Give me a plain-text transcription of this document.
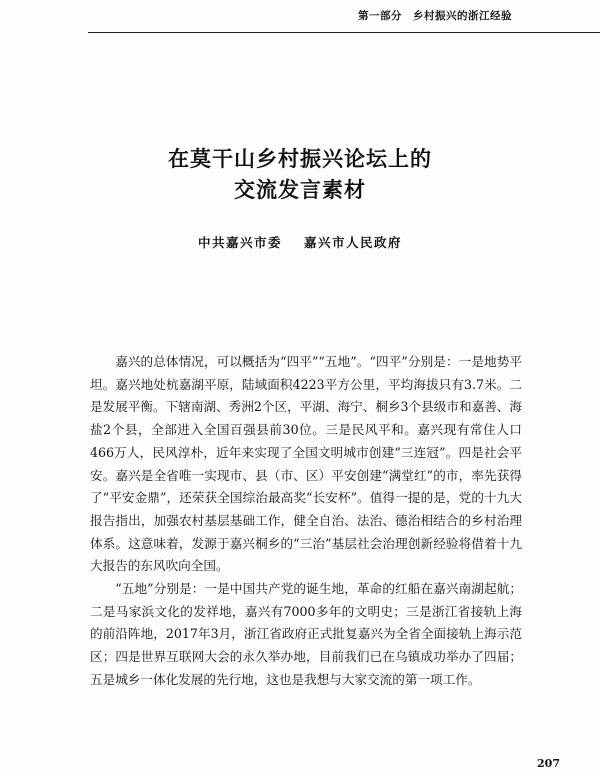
第一部分　乡村振兴的浙江经验
在莫干山乡村振兴论坛上的
交流发言素材
中共嘉兴市委 嘉兴市人民政府

嘉兴的总体情况，可以概括为“四平”“五地”。“四平”分别是：一是地势平坦。嘉兴地处杭嘉湖平原，陆域面积4223平方公里，平均海拔只有3.7米。二是发展平衡。下辖南湖、秀洲2个区，平湖、海宁、桐乡3个县级市和嘉善、海盐2个县，全部进入全国百强县前30位。三是民风平和。嘉兴现有常住人口466万人，民风淳朴，近年来实现了全国文明城市创建“三连冠”。四是社会平安。嘉兴是全省唯一实现市、县（市、区）平安创建“满堂红”的市，率先获得了“平安金鼎”，还荣获全国综治最高奖“长安杯”。值得一提的是，党的十九大报告指出，加强农村基层基础工作，健全自治、法治、德治相结合的乡村治理体系。这意味着，发源于嘉兴桐乡的“三治”基层社会治理创新经验将借着十九大报告的东风吹向全国。

“五地”分别是：一是中国共产党的诞生地，革命的红船在嘉兴南湖起航；二是马家浜文化的发祥地，嘉兴有7000多年的文明史；三是浙江省接轨上海的前沿阵地，2017年3月，浙江省政府正式批复嘉兴为全省全面接轨上海示范区；四是世界互联网大会的永久举办地，目前我们已在乌镇成功举办了四届；五是城乡一体化发展的先行地，这也是我想与大家交流的第一项工作。

207
